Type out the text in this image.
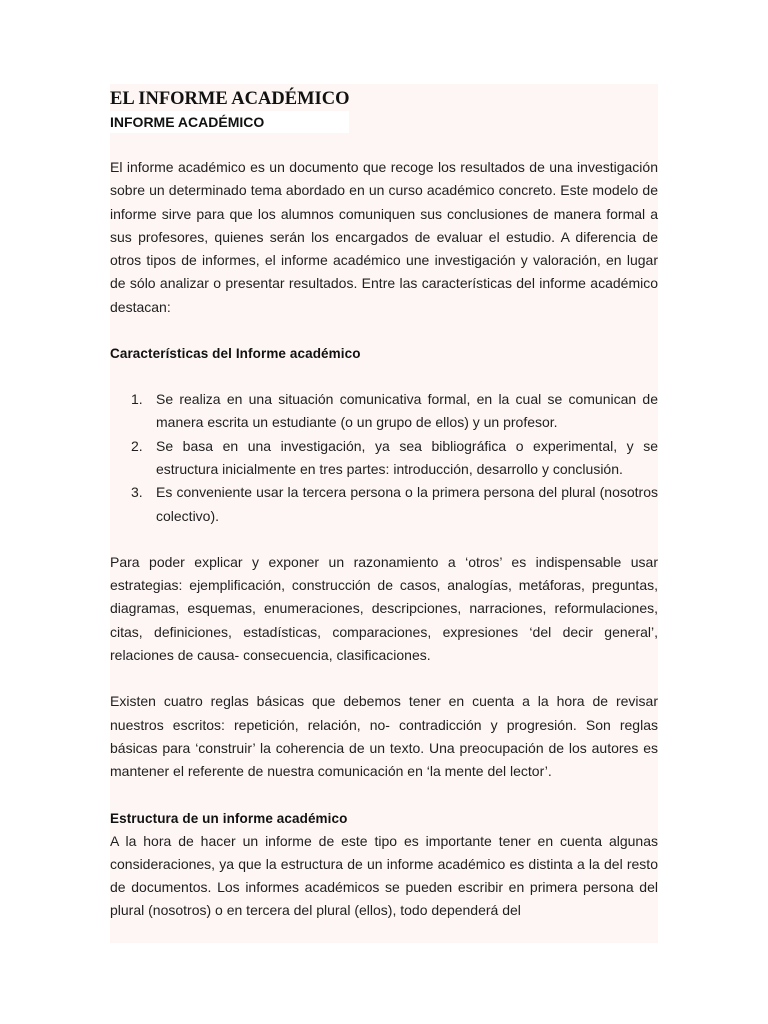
EL INFORME ACADÉMICO
INFORME ACADÉMICO

El informe académico es un documento que recoge los resultados de una investigación sobre un determinado tema abordado en un curso académico concreto. Este modelo de informe sirve para que los alumnos comuniquen sus conclusiones de manera formal a sus profesores, quienes serán los encargados de evaluar el estudio. A diferencia de otros tipos de informes, el informe académico une investigación y valoración, en lugar de sólo analizar o presentar resultados. Entre las características del informe académico destacan:

Características del Informe académico
1. Se realiza en una situación comunicativa formal, en la cual se comunican de manera escrita un estudiante (o un grupo de ellos) y un profesor.
2. Se basa en una investigación, ya sea bibliográfica o experimental, y se estructura inicialmente en tres partes: introducción, desarrollo y conclusión.
3. Es conveniente usar la tercera persona o la primera persona del plural (nosotros colectivo).

Para poder explicar y exponer un razonamiento a ‘otros’ es indispensable usar estrategias: ejemplificación, construcción de casos, analogías, metáforas, preguntas, diagramas, esquemas, enumeraciones, descripciones, narraciones, reformulaciones, citas, definiciones, estadísticas, comparaciones, expresiones ‘del decir general’, relaciones de causa- consecuencia, clasificaciones.

Existen cuatro reglas básicas que debemos tener en cuenta a la hora de revisar nuestros escritos: repetición, relación, no- contradicción y progresión. Son reglas básicas para ‘construir’ la coherencia de un texto. Una preocupación de los autores es mantener el referente de nuestra comunicación en ‘la mente del lector’.

Estructura de un informe académico

A la hora de hacer un informe de este tipo es importante tener en cuenta algunas consideraciones, ya que la estructura de un informe académico es distinta a la del resto de documentos. Los informes académicos se pueden escribir en primera persona del plural (nosotros) o en tercera del plural (ellos), todo dependerá del
